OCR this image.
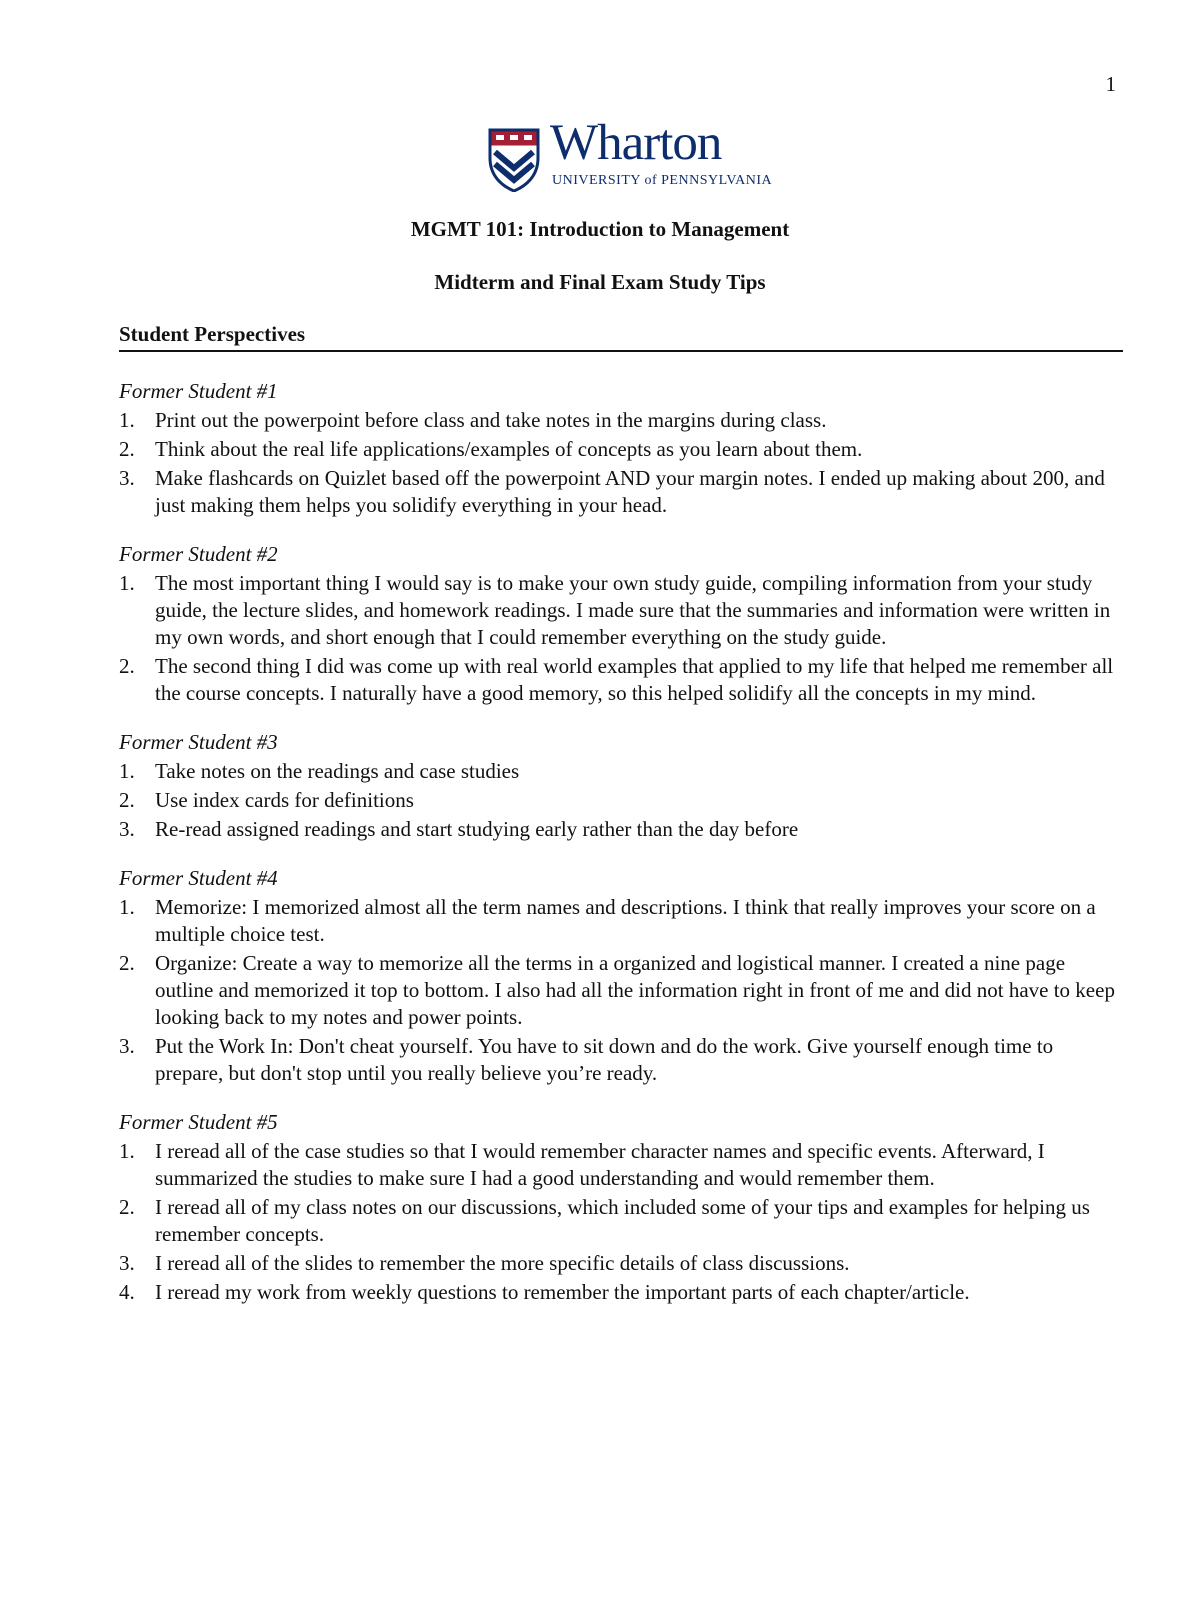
1
Wharton
UNIVERSITY of PENNSYLVANIA
MGMT 101: Introduction to Management
Midterm and Final Exam Study Tips
Student Perspectives
Former Student #1
1. Print out the powerpoint before class and take notes in the margins during class.
2. Think about the real life applications/examples of concepts as you learn about them.
3. Make flashcards on Quizlet based off the powerpoint AND your margin notes. I ended up making about 200, and just making them helps you solidify everything in your head.
Former Student #2
1. The most important thing I would say is to make your own study guide, compiling information from your study guide, the lecture slides, and homework readings. I made sure that the summaries and information were written in my own words, and short enough that I could remember everything on the study guide.
2. The second thing I did was come up with real world examples that applied to my life that helped me remember all the course concepts. I naturally have a good memory, so this helped solidify all the concepts in my mind.
Former Student #3
1. Take notes on the readings and case studies
2. Use index cards for definitions
3. Re-read assigned readings and start studying early rather than the day before
Former Student #4
1. Memorize: I memorized almost all the term names and descriptions. I think that really improves your score on a multiple choice test.
2. Organize: Create a way to memorize all the terms in a organized and logistical manner. I created a nine page outline and memorized it top to bottom. I also had all the information right in front of me and did not have to keep looking back to my notes and power points.
3. Put the Work In: Don't cheat yourself. You have to sit down and do the work. Give yourself enough time to prepare, but don't stop until you really believe you’re ready.
Former Student #5
1. I reread all of the case studies so that I would remember character names and specific events. Afterward, I summarized the studies to make sure I had a good understanding and would remember them.
2. I reread all of my class notes on our discussions, which included some of your tips and examples for helping us remember concepts.
3. I reread all of the slides to remember the more specific details of class discussions.
4. I reread my work from weekly questions to remember the important parts of each chapter/article.
